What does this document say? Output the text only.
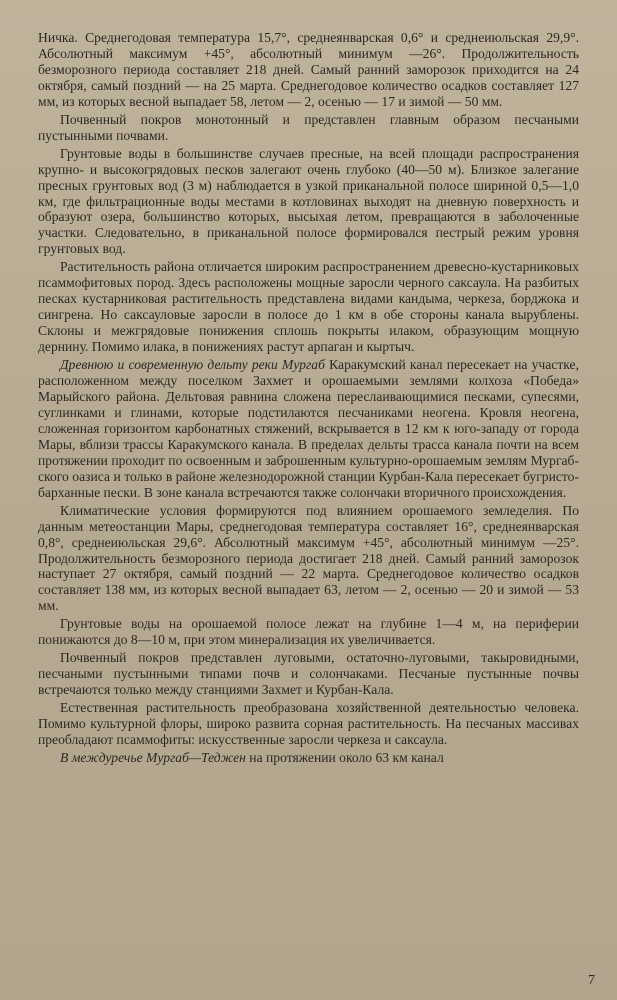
Ничка. Среднегодовая температура 15,7°, среднеянварская 0,6° и среднеиюльская 29,9°. Абсолютный максимум +45°, абсолютный минимум —26°. Продолжительность безморозного периода составляет 218 дней. Самый ранний заморозок приходится на 24 октября, самый поздний — на 25 марта. Среднегодовое количество осадков составляет 127 мм, из которых весной выпадает 58, летом — 2, осенью — 17 и зимой — 50 мм.

Почвенный покров монотонный и представлен главным образом песчаными пустынными почвами.

Грунтовые воды в большинстве случаев пресные, на всей площади распространения крупно- и высокогрядовых песков залегают очень глубоко (40—50 м). Близкое залегание пресных грунтовых вод (3 м) наблюдается в узкой приканальной полосе шириной 0,5—1,0 км, где фильтрационные воды местами в котловинах выходят на дневную поверхность и образуют озера, большинство которых, высыхая летом, превращаются в заболоченные участки. Следовательно, в приканальной полосе формировался пестрый режим уровня грунтовых вод.

Растительность района отличается широким распространением древесно-кустарниковых псаммофитовых пород. Здесь расположены мощные заросли черного саксаула. На разбитых песках кустарниковая растительность представлена видами кандыма, черкеза, борджока и сингрена. Но саксауловые заросли в полосе до 1 км в обе стороны канала вырублены. Склоны и межгрядовые понижения сплошь покрыты илаком, образующим мощную дернину. Помимо илака, в понижениях растут арпаган и кыртыч.

Древнюю и современную дельту реки Мургаб Каракумский канал пересекает на участке, расположенном между поселком Захмет и орошаемыми землями колхоза «Победа» Марыйского района. Дельтовая равнина сложена переслаивающимися песками, супесями, суглинками и глинами, которые подстилаются песчаниками неогена. Кровля неогена, сложенная горизонтом карбонатных стяжений, вскрывается в 12 км к юго-западу от города Мары, вблизи трассы Каракумского канала. В пределах дельты трасса канала почти на всем протяжении проходит по освоенным и заброшенным культурно-орошаемым землям Мургабского оазиса и только в районе железнодорожной станции Курбан-Кала пересекает бугристо-барханные пески. В зоне канала встречаются также солончаки вторичного происхождения.

Климатические условия формируются под влиянием орошаемого земледелия. По данным метеостанции Мары, среднегодовая температура составляет 16°, среднеянварская 0,8°, среднеиюльская 29,6°. Абсолютный максимум +45°, абсолютный минимум —25°. Продолжительность безморозного периода достигает 218 дней. Самый ранний заморозок наступает 27 октября, самый поздний — 22 марта. Среднегодовое количество осадков составляет 138 мм, из которых весной выпадает 63, летом — 2, осенью — 20 и зимой — 53 мм.

Грунтовые воды на орошаемой полосе лежат на глубине 1—4 м, на периферии понижаются до 8—10 м, при этом минерализация их увеличивается.

Почвенный покров представлен луговыми, остаточно-луговыми, такыровидными, песчаными пустынными типами почв и солончаками. Песчаные пустынные почвы встречаются только между станциями Захмет и Курбан-Кала.

Естественная растительность преобразована хозяйственной деятельностью человека. Помимо культурной флоры, широко развита сорная растительность. На песчаных массивах преобладают псаммофиты: искусственные заросли черкеза и саксаула.

В междуречье Мургаб—Теджен на протяжении около 63 км канал

7
